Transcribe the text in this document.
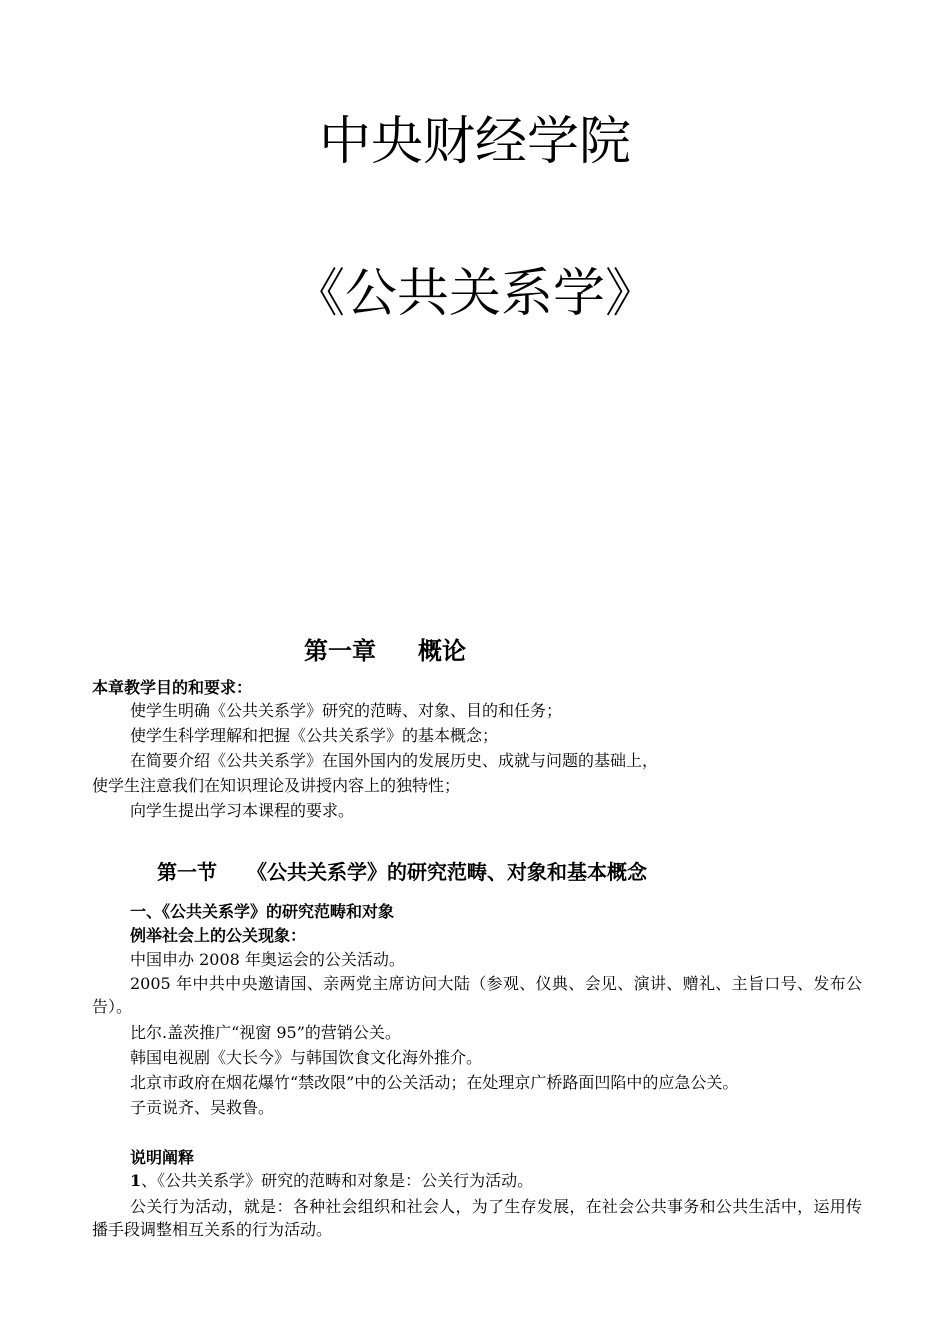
中央财经学院
《公共关系学》
第一章 概论
本章教学目的和要求：
使学生明确《公共关系学》研究的范畴、对象、目的和任务；
使学生科学理解和把握《公共关系学》的基本概念；
在简要介绍《公共关系学》在国外国内的发展历史、成就与问题的基础上，
使学生注意我们在知识理论及讲授内容上的独特性；
向学生提出学习本课程的要求。
第一节 《公共关系学》的研究范畴、对象和基本概念
一、《公共关系学》的研究范畴和对象
例举社会上的公关现象：
中国申办 2008 年奥运会的公关活动。
2005 年中共中央邀请国、亲两党主席访问大陆（参观、仪典、会见、演讲、赠礼、主旨口号、发布公告）。
比尔.盖茨推广“视窗 95”的营销公关。
韩国电视剧《大长今》与韩国饮食文化海外推介。
北京市政府在烟花爆竹“禁改限”中的公关活动；在处理京广桥路面凹陷中的应急公关。
子贡说齐、吴救鲁。
说明阐释
1、《公共关系学》研究的范畴和对象是：公关行为活动。
公关行为活动，就是：各种社会组织和社会人，为了生存发展，在社会公共事务和公共生活中，运用传播手段调整相互关系的行为活动。
